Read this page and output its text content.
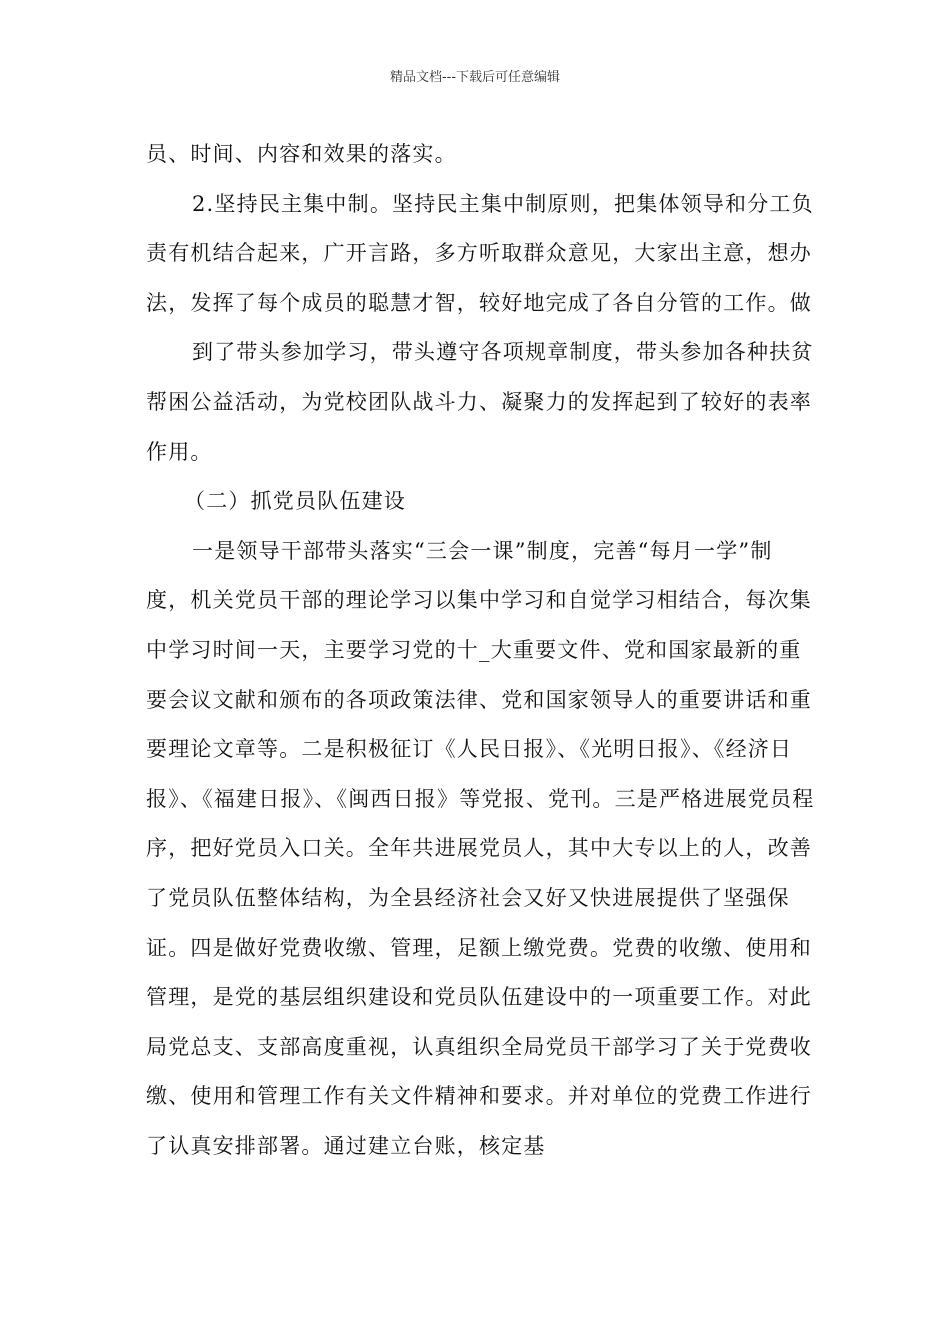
精品文档---下载后可任意编辑

员、时间、内容和效果的落实。

2.坚持民主集中制。坚持民主集中制原则，把集体领导和分工负责有机结合起来，广开言路，多方听取群众意见，大家出主意，想办法，发挥了每个成员的聪慧才智，较好地完成了各自分管的工作。做

到了带头参加学习，带头遵守各项规章制度，带头参加各种扶贫帮困公益活动，为党校团队战斗力、凝聚力的发挥起到了较好的表率作用。

（二）抓党员队伍建设

一是领导干部带头落实“三会一课”制度，完善“每月一学”制度，机关党员干部的理论学习以集中学习和自觉学习相结合，每次集中学习时间一天，主要学习党的十_大重要文件、党和国家最新的重要会议文献和颁布的各项政策法律、党和国家领导人的重要讲话和重要理论文章等。二是积极征订《人民日报》、《光明日报》、《经济日报》、《福建日报》、《闽西日报》等党报、党刊。三是严格进展党员程序，把好党员入口关。全年共进展党员人，其中大专以上的人，改善了党员队伍整体结构，为全县经济社会又好又快进展提供了坚强保证。四是做好党费收缴、管理，足额上缴党费。党费的收缴、使用和管理，是党的基层组织建设和党员队伍建设中的一项重要工作。对此局党总支、支部高度重视，认真组织全局党员干部学习了关于党费收缴、使用和管理工作有关文件精神和要求。并对单位的党费工作进行了认真安排部署。通过建立台账，核定基
